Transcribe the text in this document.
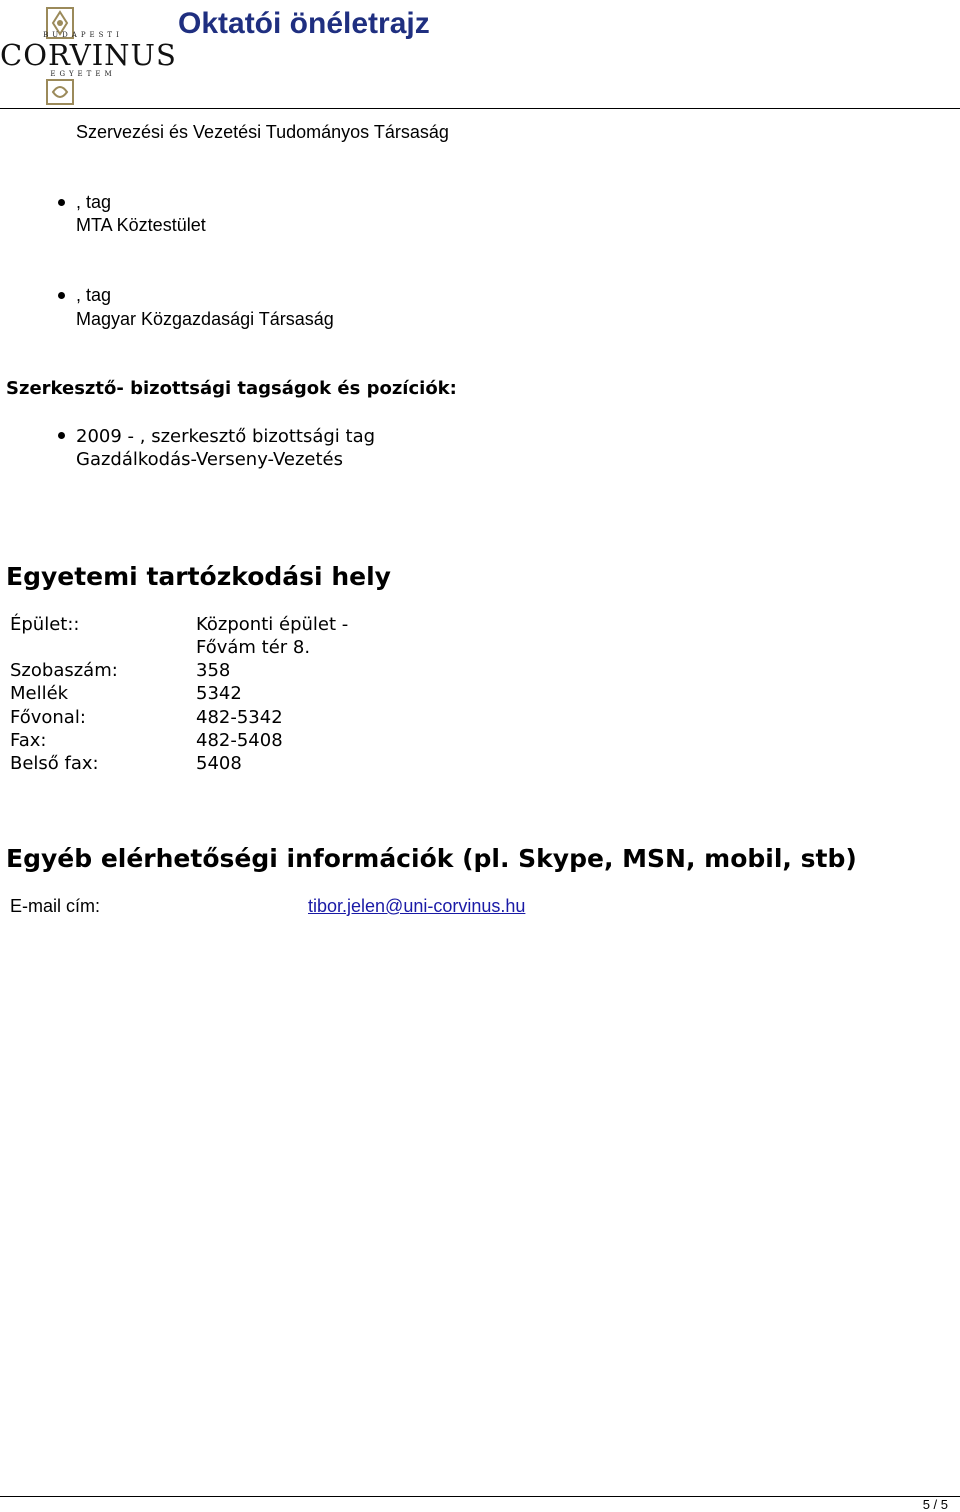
BUDAPESTI
CORVINUS
EGYETEM
Oktatói önéletrajz
Szervezési és Vezetési Tudományos Társaság
, tag
MTA Köztestület
, tag
Magyar Közgazdasági Társaság
Szerkesztő- bizottsági tagságok és pozíciók:
2009 - , szerkesztő bizottsági tag
Gazdálkodás-Verseny-Vezetés
Egyetemi tartózkodási hely
Épület::	Központi épület -
Fővám tér 8.
Szobaszám:	358
Mellék	5342
Fővonal:	482-5342
Fax:	482-5408
Belső fax:	5408
Egyéb elérhetőségi információk (pl. Skype, MSN, mobil, stb)
E-mail cím:	tibor.jelen@uni-corvinus.hu
5 / 5
